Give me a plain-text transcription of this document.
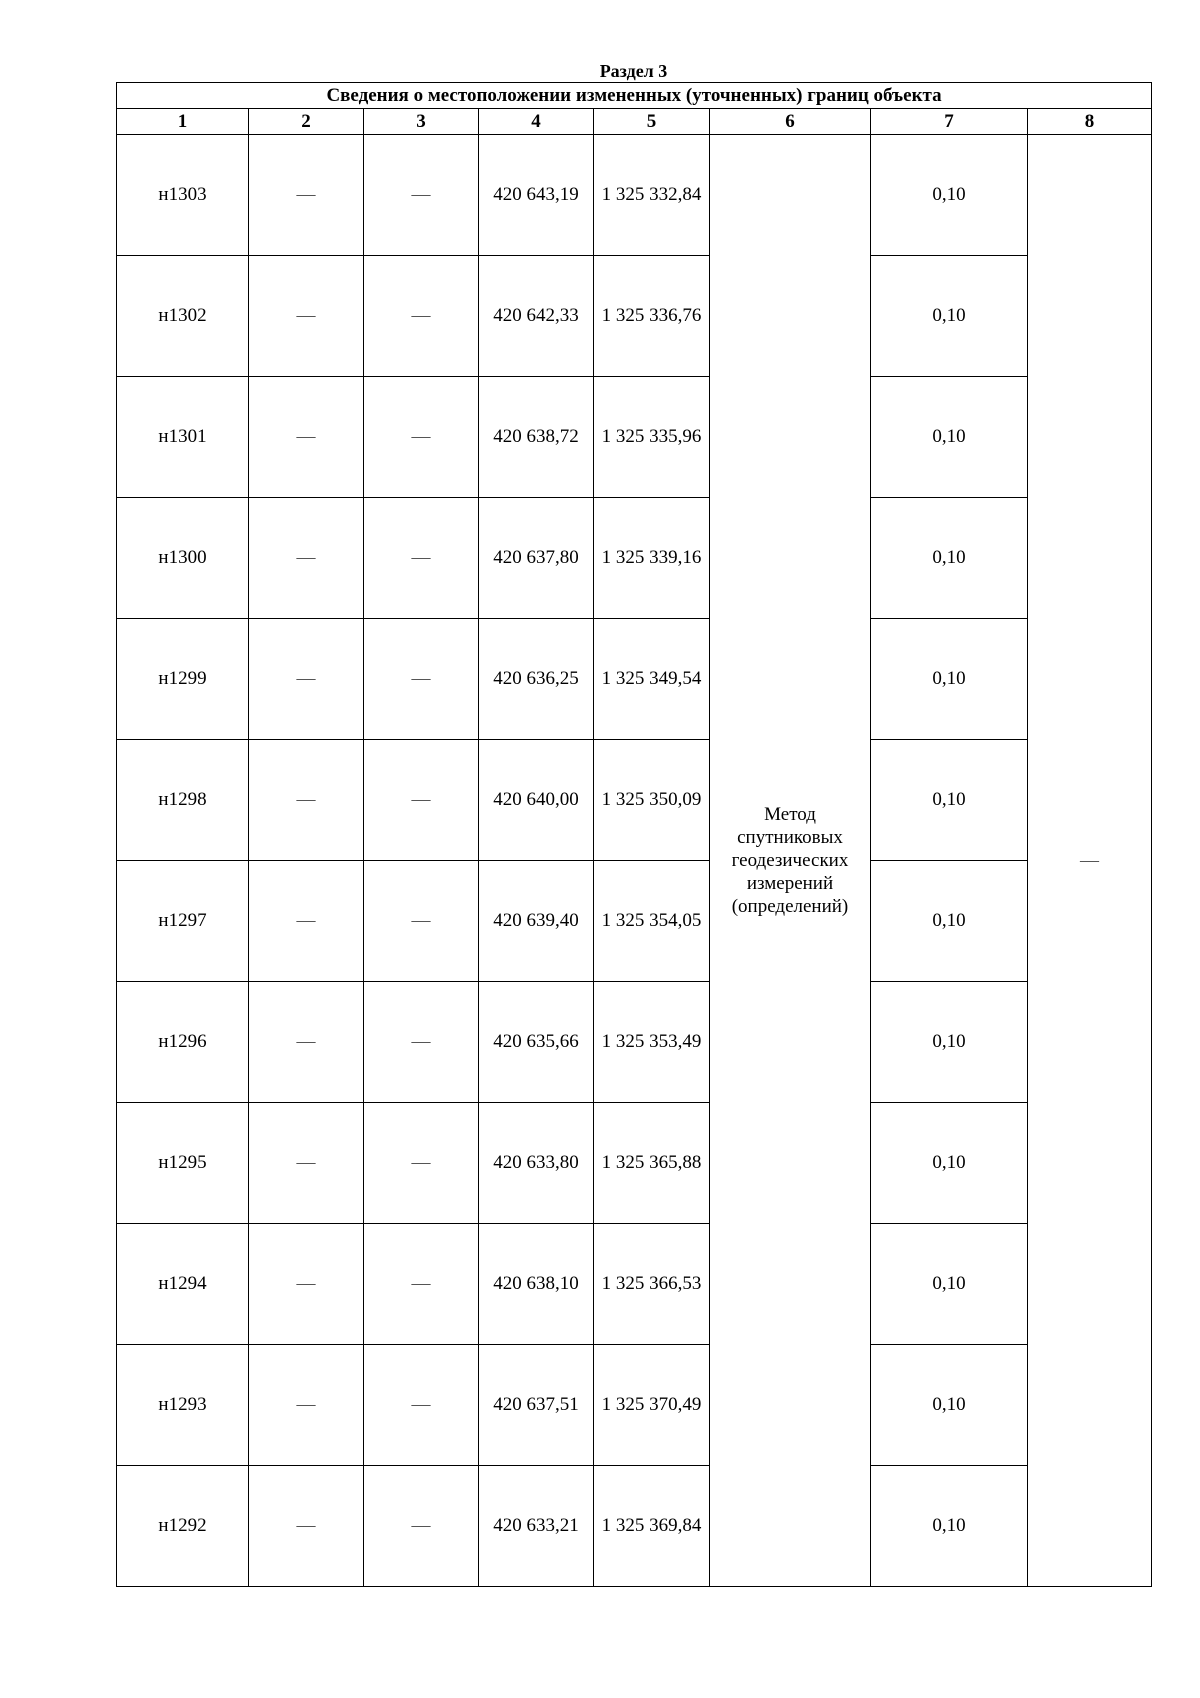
Раздел 3
Сведения о местоположении измененных (уточненных) границ объекта							
1	2	3	4	5	6	7	8
н1303	—	—	420 643,19	1 325 332,84	Метод спутниковых геодезических измерений (определений)	0,10	—
н1302	—	—	420 642,33	1 325 336,76		0,10	
н1301	—	—	420 638,72	1 325 335,96		0,10	
н1300	—	—	420 637,80	1 325 339,16		0,10	
н1299	—	—	420 636,25	1 325 349,54		0,10	
н1298	—	—	420 640,00	1 325 350,09		0,10	
н1297	—	—	420 639,40	1 325 354,05		0,10	
н1296	—	—	420 635,66	1 325 353,49		0,10	
н1295	—	—	420 633,80	1 325 365,88		0,10	
н1294	—	—	420 638,10	1 325 366,53		0,10	
н1293	—	—	420 637,51	1 325 370,49		0,10	
н1292	—	—	420 633,21	1 325 369,84		0,10	
